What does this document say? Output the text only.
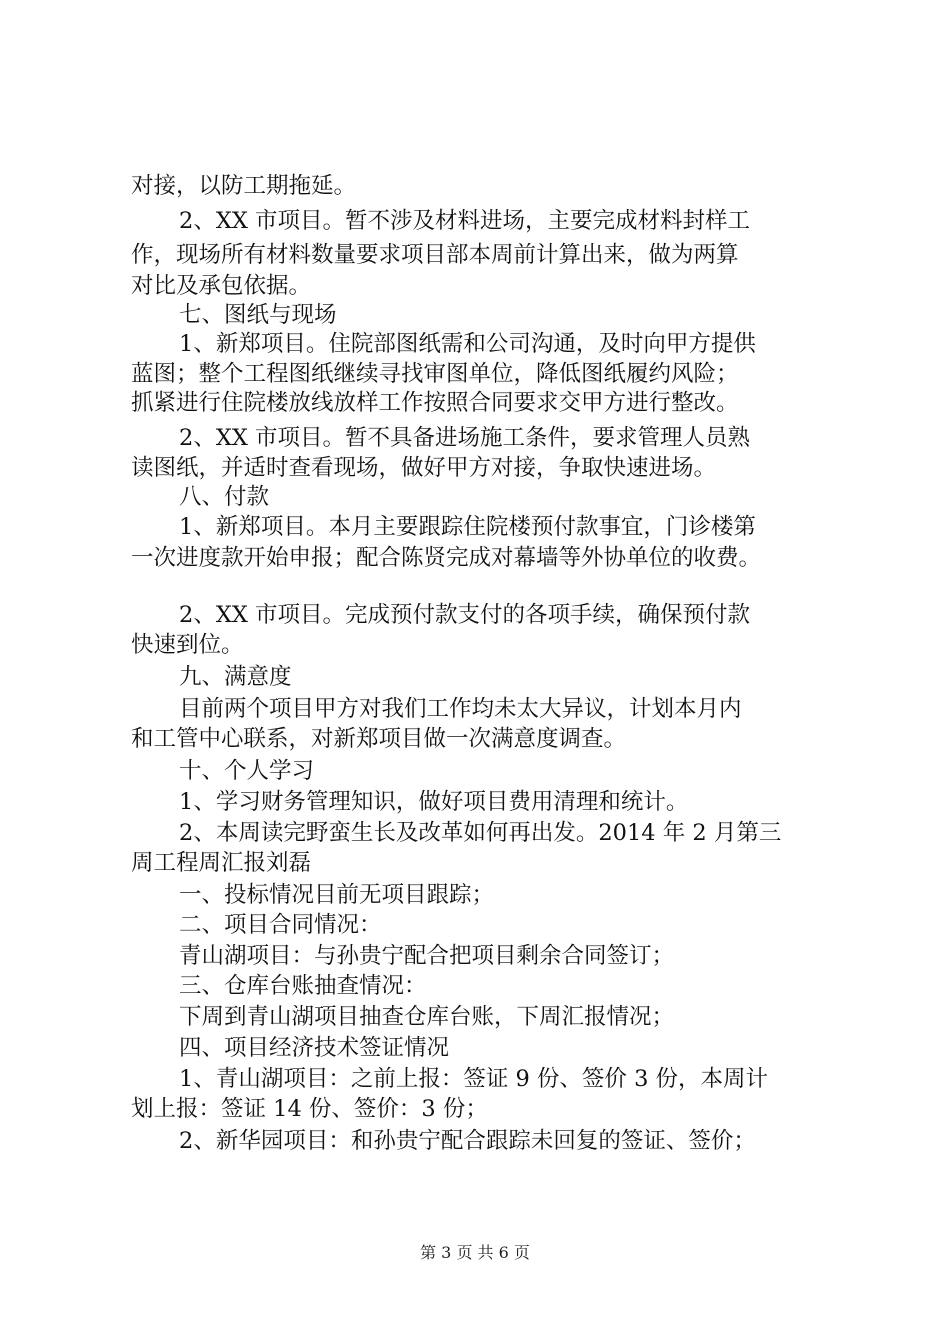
对接，以防工期拖延。
2、XX 市项目。暂不涉及材料进场，主要完成材料封样工
作，现场所有材料数量要求项目部本周前计算出来，做为两算
对比及承包依据。
七、图纸与现场
1、新郑项目。住院部图纸需和公司沟通，及时向甲方提供
蓝图；整个工程图纸继续寻找审图单位，降低图纸履约风险；
抓紧进行住院楼放线放样工作按照合同要求交甲方进行整改。
2、XX 市项目。暂不具备进场施工条件，要求管理人员熟
读图纸，并适时查看现场，做好甲方对接，争取快速进场。
八、付款
1、新郑项目。本月主要跟踪住院楼预付款事宜，门诊楼第
一次进度款开始申报；配合陈贤完成对幕墙等外协单位的收费。
2、XX 市项目。完成预付款支付的各项手续，确保预付款
快速到位。
九、满意度
目前两个项目甲方对我们工作均未太大异议，计划本月内
和工管中心联系，对新郑项目做一次满意度调查。
十、个人学习
1、学习财务管理知识，做好项目费用清理和统计。
2、本周读完野蛮生长及改革如何再出发。2014 年 2 月第三
周工程周汇报刘磊
一、投标情况目前无项目跟踪；
二、项目合同情况：
青山湖项目：与孙贵宁配合把项目剩余合同签订；
三、仓库台账抽查情况：
下周到青山湖项目抽查仓库台账，下周汇报情况；
四、项目经济技术签证情况
1、青山湖项目：之前上报：签证 9 份、签价 3 份，本周计
划上报：签证 14 份、签价：3 份；
2、新华园项目：和孙贵宁配合跟踪未回复的签证、签价；
第 3 页 共 6 页
